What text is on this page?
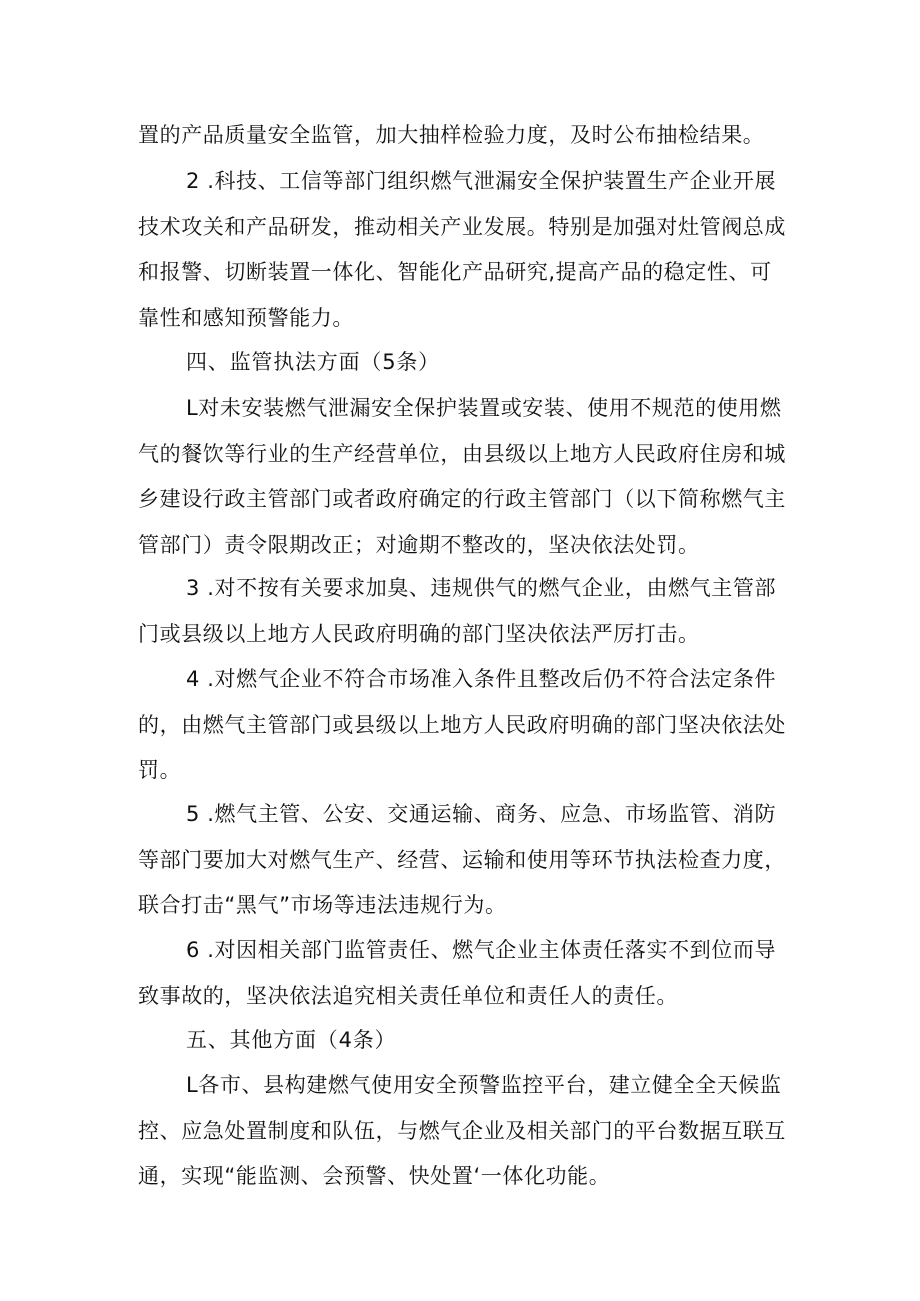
置的产品质量安全监管，加大抽样检验力度，及时公布抽检结果。

2 .科技、工信等部门组织燃气泄漏安全保护装置生产企业开展技术攻关和产品研发，推动相关产业发展。特别是加强对灶管阀总成和报警、切断装置一体化、智能化产品研究,提高产品的稳定性、可靠性和感知预警能力。

四、监管执法方面（5条）

L对未安装燃气泄漏安全保护装置或安装、使用不规范的使用燃气的餐饮等行业的生产经营单位，由县级以上地方人民政府住房和城乡建设行政主管部门或者政府确定的行政主管部门（以下简称燃气主管部门）责令限期改正；对逾期不整改的，坚决依法处罚。

3 .对不按有关要求加臭、违规供气的燃气企业，由燃气主管部门或县级以上地方人民政府明确的部门坚决依法严厉打击。

4 .对燃气企业不符合市场准入条件且整改后仍不符合法定条件的，由燃气主管部门或县级以上地方人民政府明确的部门坚决依法处罚。

5 .燃气主管、公安、交通运输、商务、应急、市场监管、消防等部门要加大对燃气生产、经营、运输和使用等环节执法检查力度，联合打击“黑气”市场等违法违规行为。

6 .对因相关部门监管责任、燃气企业主体责任落实不到位而导致事故的，坚决依法追究相关责任单位和责任人的责任。

五、其他方面（4条）

L各市、县构建燃气使用安全预警监控平台，建立健全全天候监控、应急处置制度和队伍，与燃气企业及相关部门的平台数据互联互通，实现“能监测、会预警、快处置‘一体化功能。
